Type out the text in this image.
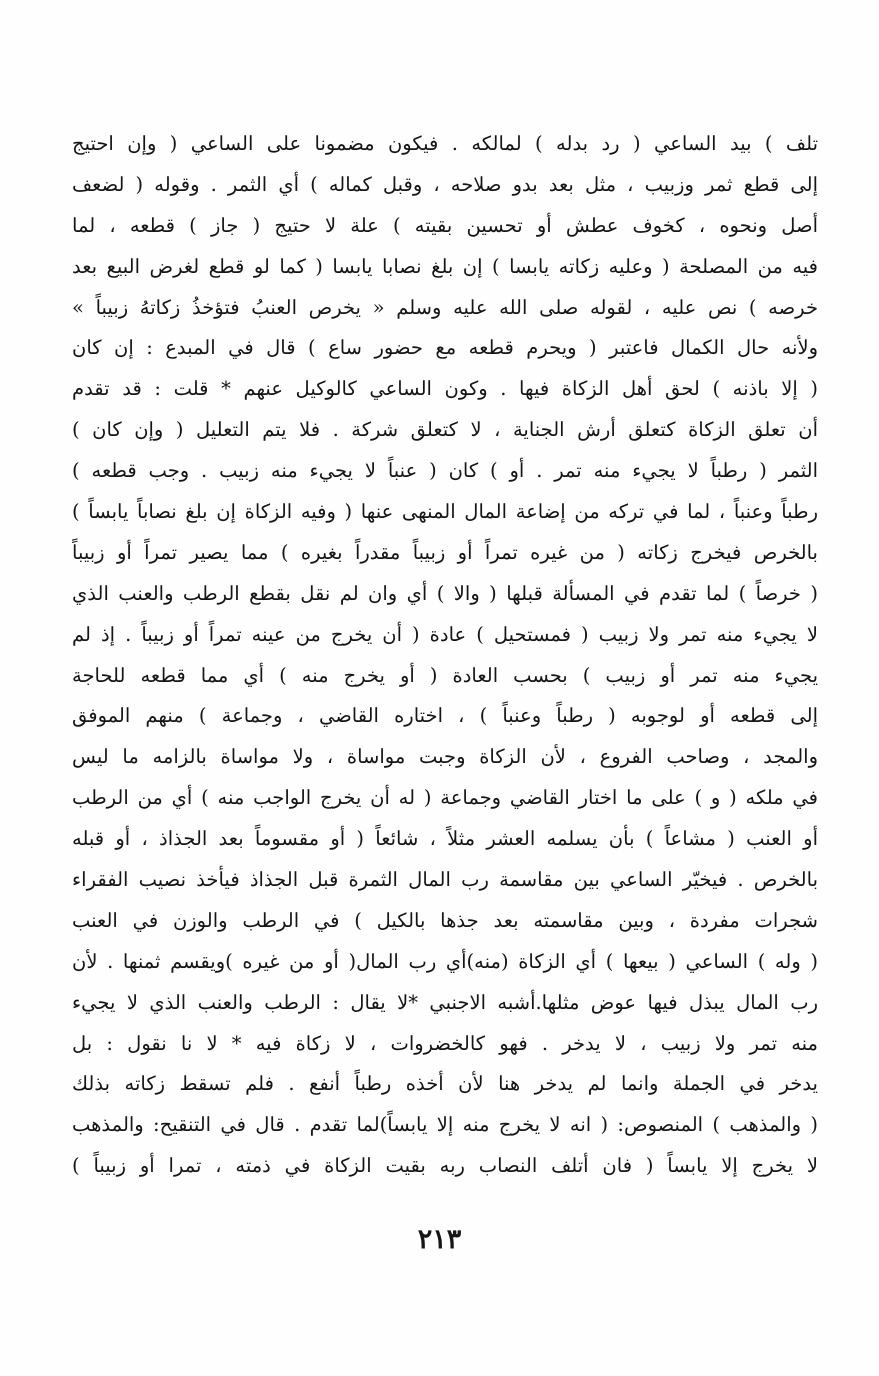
تلف ) بيد الساعي ( رد بدله ) لمالكه . فيكون مضمونا على الساعي ( وإن احتيج
إلى قطع ثمر وزبيب ، مثل بعد بدو صلاحه ، وقبل كماله ) أي الثمر . وقوله ( لضعف
أصل ونحوه ، كخوف عطش أو تحسين بقيته ) علة لا حتيج ( جاز ) قطعه ، لما
فيه من المصلحة ( وعليه زكاته يابسا ) إن بلغ نصابا يابسا ( كما لو قطع لغرض البيع بعد
خرصه ) نص عليه ، لقوله صلى الله عليه وسلم « يخرص العنبُ فتؤخذُ زكاتهُ زبيباً »
ولأنه حال الكمال فاعتبر ( ويحرم قطعه مع حضور ساع ) قال في المبدع : إن كان
( إلا باذنه ) لحق أهل الزكاة فيها . وكون الساعي كالوكيل عنهم * قلت : قد تقدم
أن تعلق الزكاة كتعلق أرش الجناية ، لا كتعلق شركة . فلا يتم التعليل ( وإن كان )
الثمر ( رطباً لا يجيء منه تمر . أو ) كان ( عنباً لا يجيء منه زبيب . وجب قطعه )
رطباً وعنباً ، لما في تركه من إضاعة المال المنهى عنها ( وفيه الزكاة إن بلغ نصاباً يابساً )
بالخرص فيخرج زكاته ( من غيره تمراً أو زبيباً مقدراً بغيره ) مما يصير تمراً أو زبيباً
( خرصاً ) لما تقدم في المسألة قبلها ( والا ) أي وان لم نقل بقطع الرطب والعنب الذي
لا يجيء منه تمر ولا زبيب ( فمستحيل ) عادة ( أن يخرج من عينه تمراً أو زبيباً . إذ لم
يجيء منه تمر أو زبيب ) بحسب العادة ( أو يخرج منه ) أي مما قطعه للحاجة
إلى قطعه أو لوجوبه ( رطباً وعنباً ) ، اختاره القاضي ، وجماعة ) منهم الموفق
والمجد ، وصاحب الفروع ، لأن الزكاة وجبت مواساة ، ولا مواساة بالزامه ما ليس
في ملكه ( و ) على ما اختار القاضي وجماعة ( له أن يخرج الواجب منه ) أي من الرطب
أو العنب ( مشاعاً ) بأن يسلمه العشر مثلاً ، شائعاً ( أو مقسوماً بعد الجذاذ ، أو قبله
بالخرص . فيخيّر الساعي بين مقاسمة رب المال الثمرة قبل الجذاذ فيأخذ نصيب الفقراء
شجرات مفردة ، وبين مقاسمته بعد جذها بالكيل ) في الرطب والوزن في العنب
( وله ) الساعي ( بيعها ) أي الزكاة (منه)أي رب المال( أو من غيره )ويقسم ثمنها . لأن
رب المال يبذل فيها عوض مثلها.أشبه الاجنبي *لا يقال : الرطب والعنب الذي لا يجيء
منه تمر ولا زبيب ، لا يدخر . فهو كالخضروات ، لا زكاة فيه * لا نا نقول : بل
يدخر في الجملة وانما لم يدخر هنا لأن أخذه رطباً أنفع . فلم تسقط زكاته بذلك
( والمذهب ) المنصوص: ( انه لا يخرج منه إلا يابساً)لما تقدم . قال في التنقيح: والمذهب
لا يخرج إلا يابساً ( فان أتلف النصاب ربه بقيت الزكاة في ذمته ، تمرا أو زبيباً )
٢١٣
